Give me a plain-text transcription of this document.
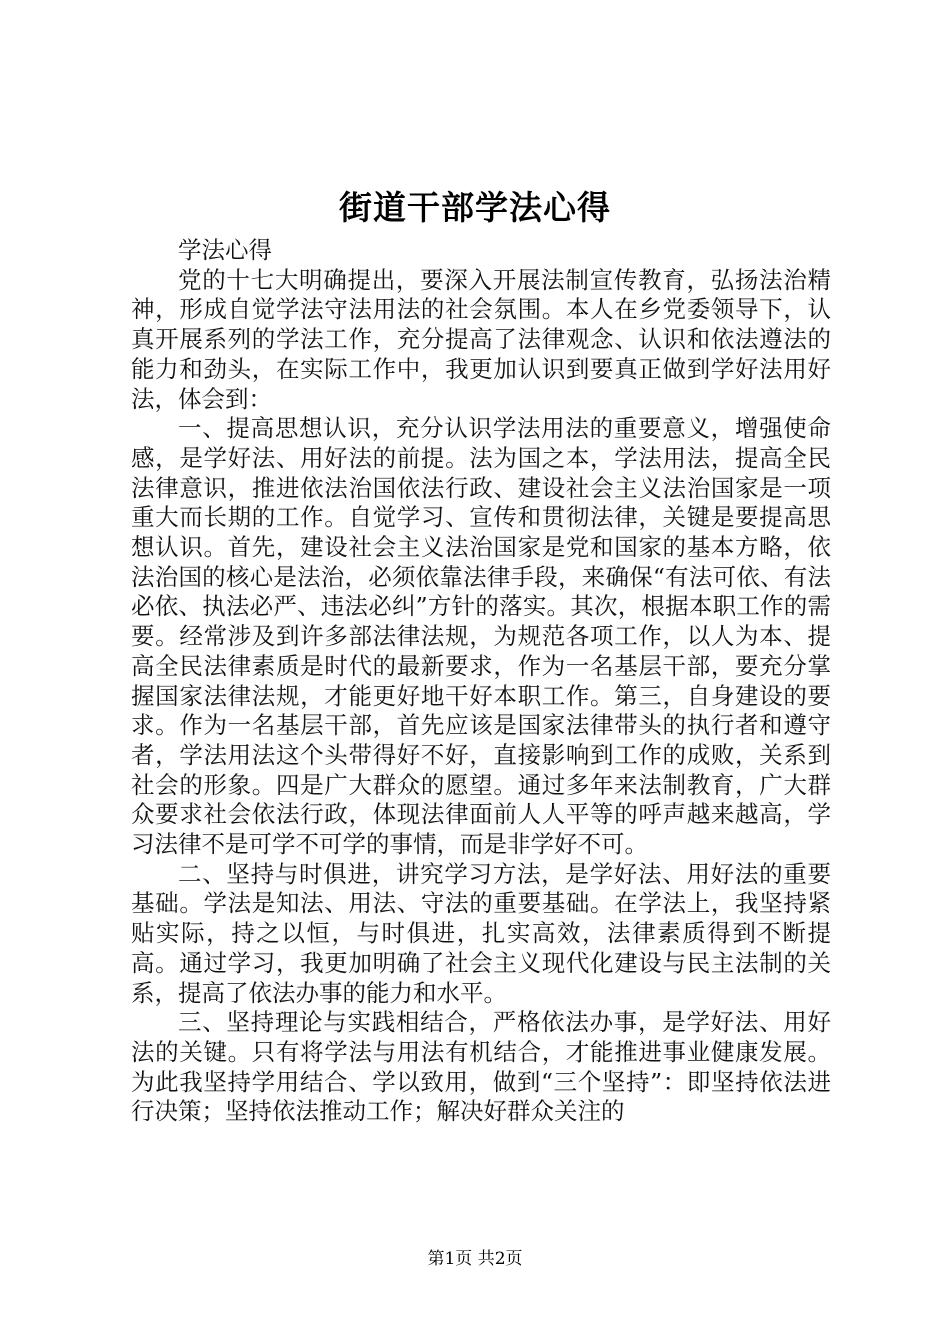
街道干部学法心得

学法心得

党的十七大明确提出，要深入开展法制宣传教育，弘扬法治精神，形成自觉学法守法用法的社会氛围。本人在乡党委领导下，认真开展系列的学法工作，充分提高了法律观念、认识和依法遵法的能力和劲头，在实际工作中，我更加认识到要真正做到学好法用好法，体会到：

一、提高思想认识，充分认识学法用法的重要意义，增强使命感，是学好法、用好法的前提。法为国之本，学法用法，提高全民法律意识，推进依法治国依法行政、建设社会主义法治国家是一项重大而长期的工作。自觉学习、宣传和贯彻法律，关键是要提高思想认识。首先，建设社会主义法治国家是党和国家的基本方略，依法治国的核心是法治，必须依靠法律手段，来确保“有法可依、有法必依、执法必严、违法必纠”方针的落实。其次，根据本职工作的需要。经常涉及到许多部法律法规，为规范各项工作，以人为本、提高全民法律素质是时代的最新要求，作为一名基层干部，要充分掌握国家法律法规，才能更好地干好本职工作。第三，自身建设的要求。作为一名基层干部，首先应该是国家法律带头的执行者和遵守者，学法用法这个头带得好不好，直接影响到工作的成败，关系到社会的形象。四是广大群众的愿望。通过多年来法制教育，广大群众要求社会依法行政，体现法律面前人人平等的呼声越来越高，学习法律不是可学不可学的事情，而是非学好不可。

二、坚持与时俱进，讲究学习方法，是学好法、用好法的重要基础。学法是知法、用法、守法的重要基础。在学法上，我坚持紧贴实际，持之以恒，与时俱进，扎实高效，法律素质得到不断提高。通过学习，我更加明确了社会主义现代化建设与民主法制的关系，提高了依法办事的能力和水平。

三、坚持理论与实践相结合，严格依法办事，是学好法、用好法的关键。只有将学法与用法有机结合，才能推进事业健康发展。为此我坚持学用结合、学以致用，做到“三个坚持”：即坚持依法进行决策；坚持依法推动工作；解决好群众关注的

第1页 共2页
